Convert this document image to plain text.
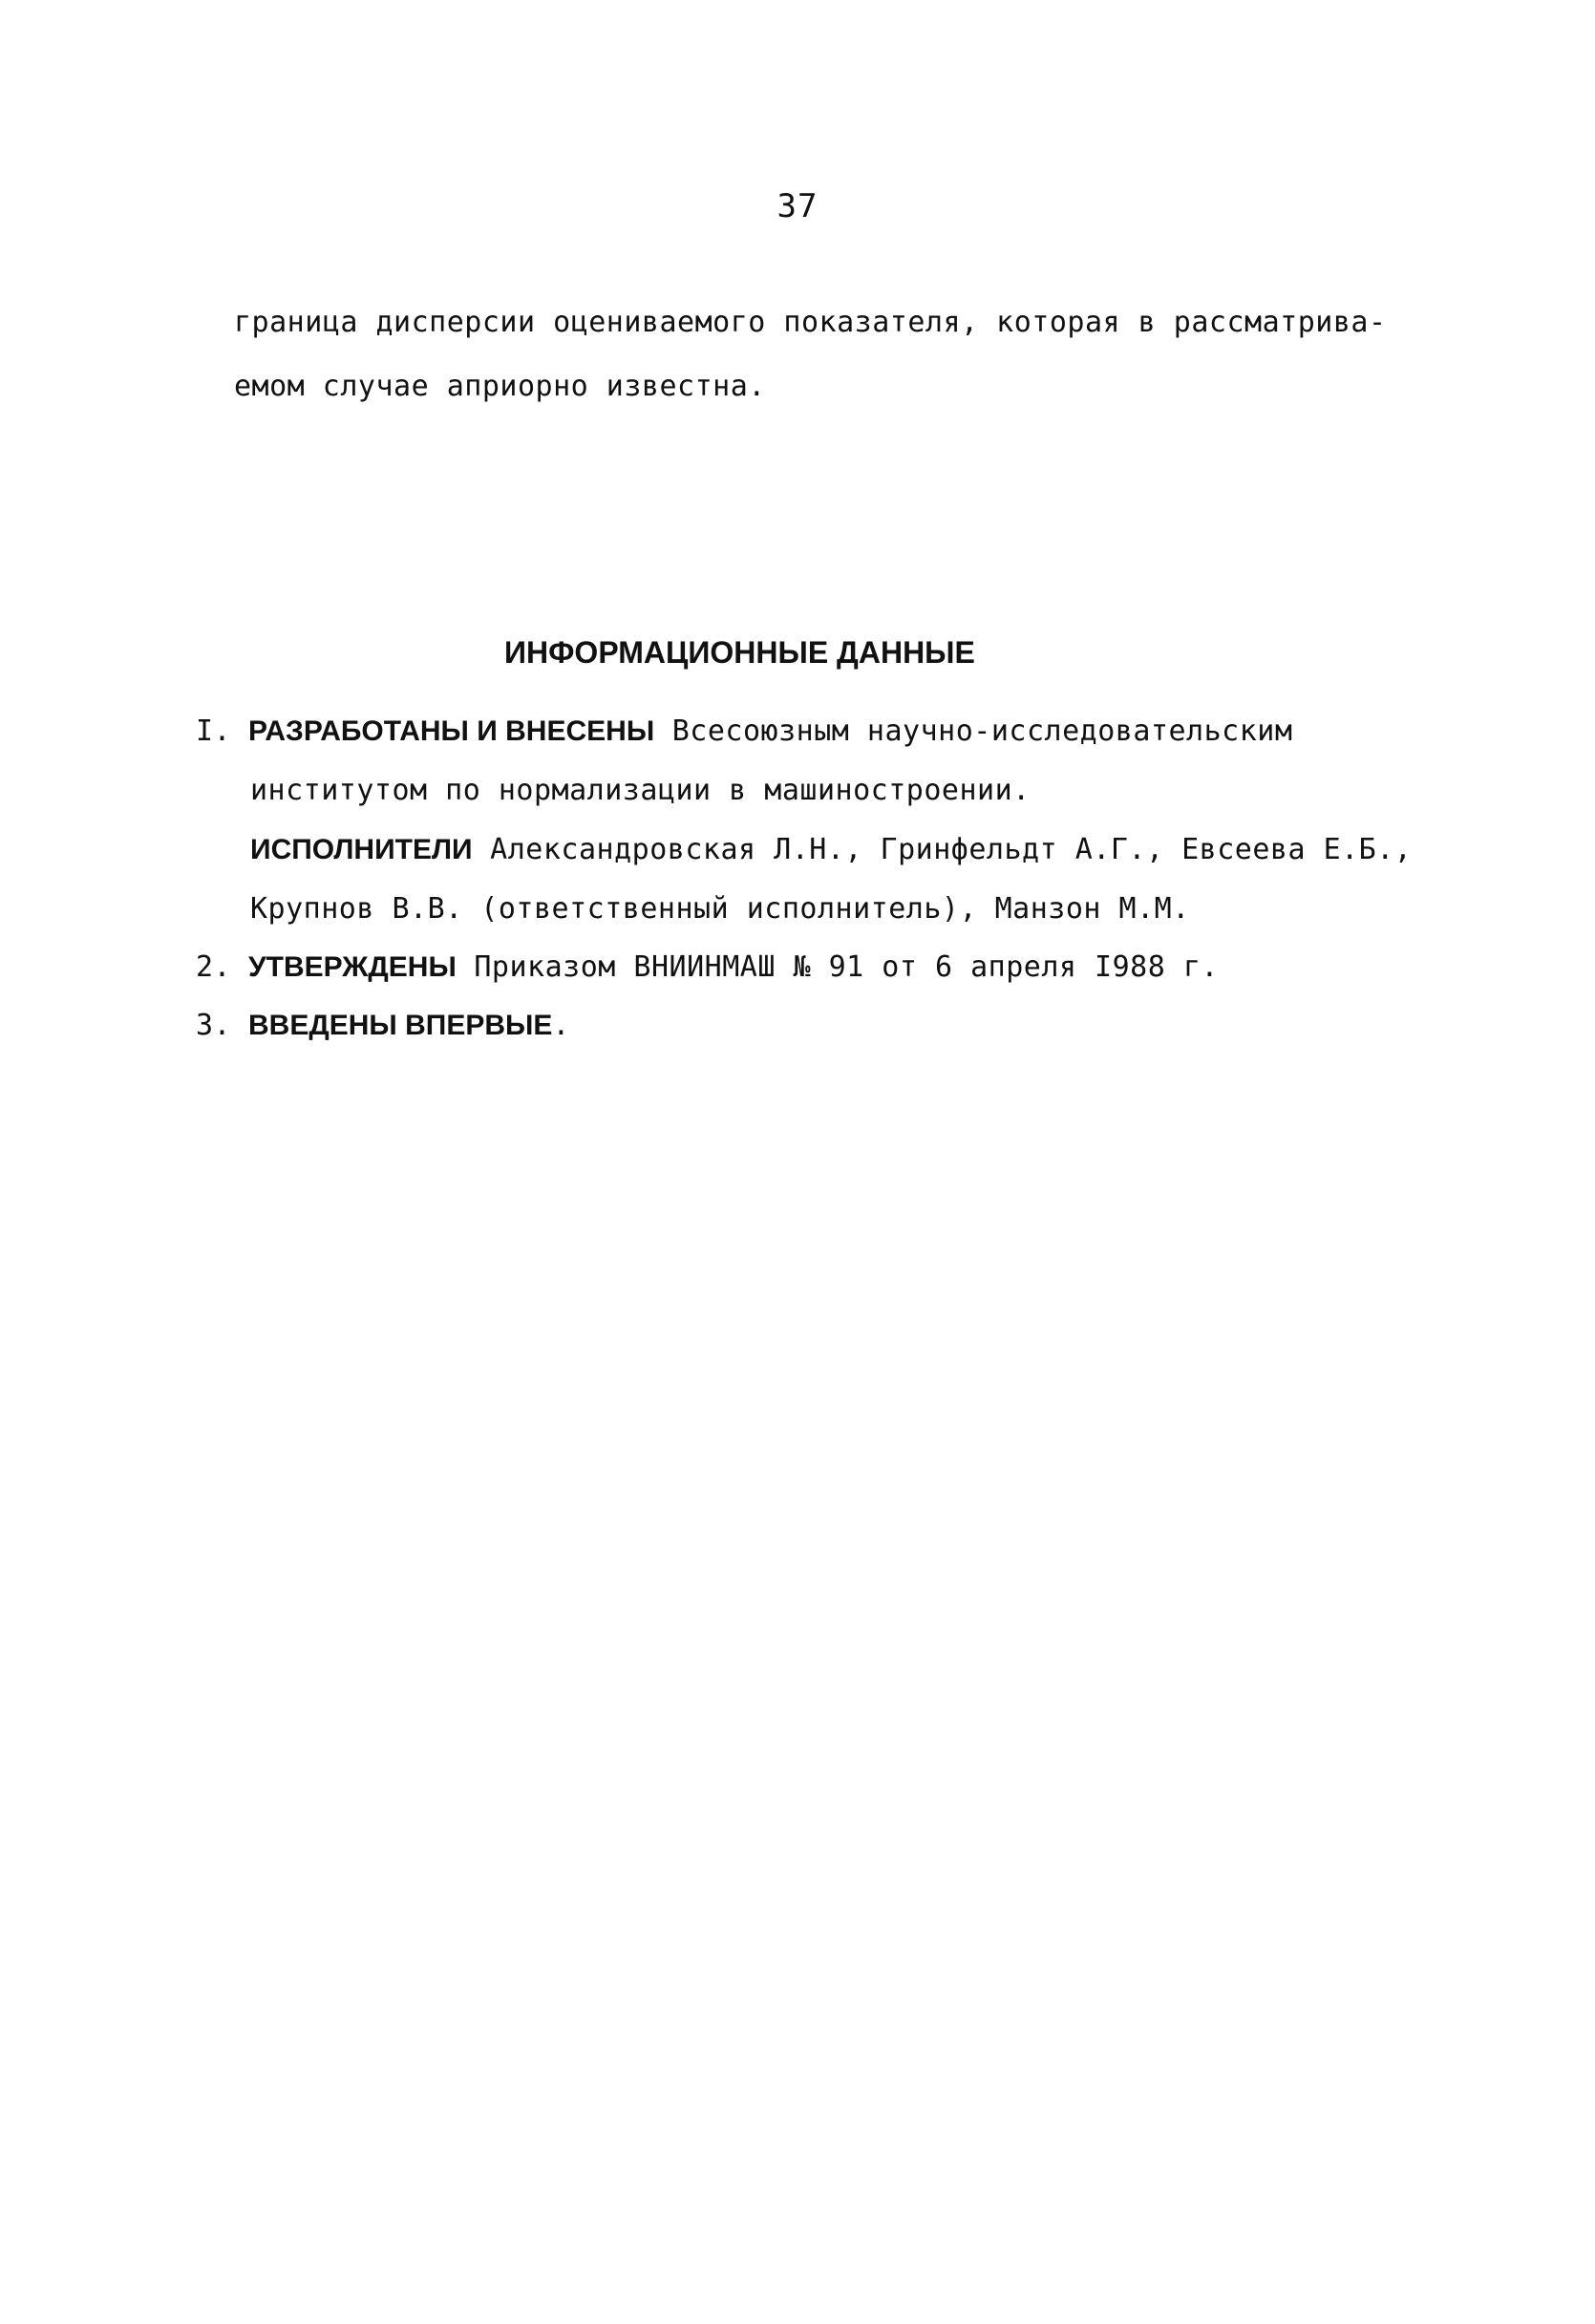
37
граница дисперсии оцениваемого показателя, которая в рассматрива-
емом случае априорно известна.
ИНФОРМАЦИОННЫЕ ДАННЫЕ
I. РАЗРАБОТАНЫ И ВНЕСЕНЫ Всесоюзным научно-исследовательским
институтом по нормализации в машиностроении.
ИСПОЛНИТЕЛИ Александровская Л.Н., Гринфельдт А.Г., Евсеева Е.Б.,
Крупнов В.В. (ответственный исполнитель), Манзон М.М.
2. УТВЕРЖДЕНЫ Приказом ВНИИНМАШ № 91 от 6 апреля I988 г.
3. ВВЕДЕНЫ ВПЕРВЫЕ.
